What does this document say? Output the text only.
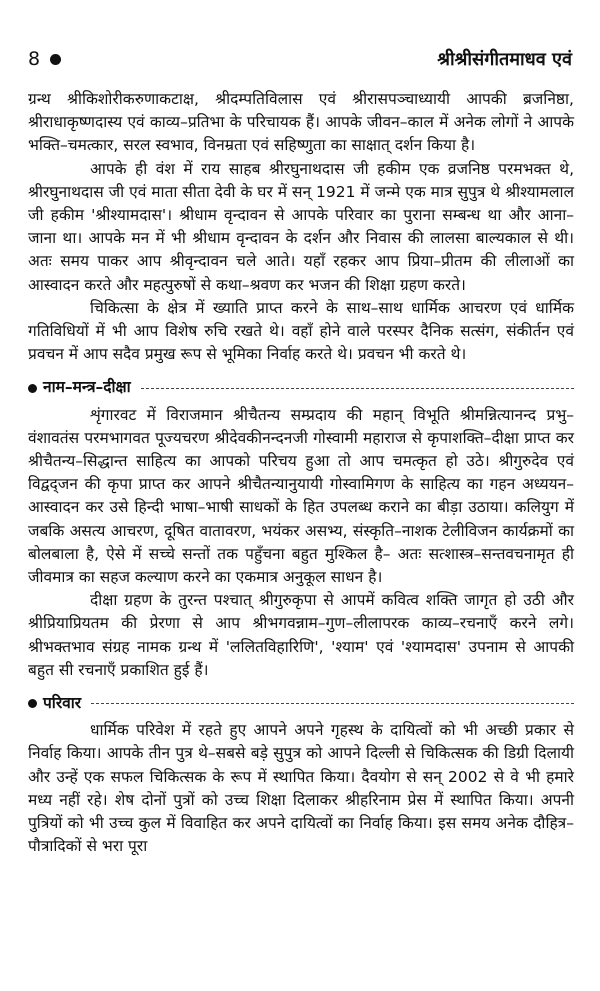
8	श्रीश्रीसंगीतमाधव एवं

ग्रन्थ श्रीकिशोरीकरुणाकटाक्ष, श्रीदम्पतिविलास एवं श्रीरासपञ्चाध्यायी आपकी ब्रजनिष्ठा, श्रीराधाकृष्णदास्य एवं काव्य–प्रतिभा के परिचायक हैं। आपके जीवन–काल में अनेक लोगों ने आपके भक्ति–चमत्कार, सरल स्वभाव, विनम्रता एवं सहिष्णुता का साक्षात् दर्शन किया है।

आपके ही वंश में राय साहब श्रीरघुनाथदास जी हकीम एक व्रजनिष्ठ परमभक्त थे, श्रीरघुनाथदास जी एवं माता सीता देवी के घर में सन् 1921 में जन्मे एक मात्र सुपुत्र थे श्रीश्यामलाल जी हकीम 'श्रीश्यामदास'। श्रीधाम वृन्दावन से आपके परिवार का पुराना सम्बन्ध था और आना–जाना था। आपके मन में भी श्रीधाम वृन्दावन के दर्शन और निवास की लालसा बाल्यकाल से थी। अतः समय पाकर आप श्रीवृन्दावन चले आते। यहाँ रहकर आप प्रिया–प्रीतम की लीलाओं का आस्वादन करते और महत्पुरुषों से कथा–श्रवण कर भजन की शिक्षा ग्रहण करते।

चिकित्सा के क्षेत्र में ख्याति प्राप्त करने के साथ–साथ धार्मिक आचरण एवं धार्मिक गतिविधियों में भी आप विशेष रुचि रखते थे। वहाँ होने वाले परस्पर दैनिक सत्संग, संकीर्तन एवं प्रवचन में आप सदैव प्रमुख रूप से भूमिका निर्वाह करते थे। प्रवचन भी करते थे।

नाम–मन्त्र–दीक्षा

शृंगारवट में विराजमान श्रीचैतन्य सम्प्रदाय की महान् विभूति श्रीमन्नित्यानन्द प्रभु–वंशावतंस परमभागवत पूज्यचरण श्रीदेवकीनन्दनजी गोस्वामी महाराज से कृपाशक्ति–दीक्षा प्राप्त कर श्रीचैतन्य–सिद्धान्त साहित्य का आपको परिचय हुआ तो आप चमत्कृत हो उठे। श्रीगुरुदेव एवं विद्वद्जन की कृपा प्राप्त कर आपने श्रीचैतन्यानुयायी गोस्वामिगण के साहित्य का गहन अध्ययन–आस्वादन कर उसे हिन्दी भाषा–भाषी साधकों के हित उपलब्ध कराने का बीड़ा उठाया। कलियुग में जबकि असत्य आचरण, दूषित वातावरण, भयंकर असभ्य, संस्कृति–नाशक टेलीविजन कार्यक्रमों का बोलबाला है, ऐसे में सच्चे सन्तों तक पहुँचना बहुत मुश्किल है– अतः सत्शास्त्र–सन्तवचनामृत ही जीवमात्र का सहज कल्याण करने का एकमात्र अनुकूल साधन है।

दीक्षा ग्रहण के तुरन्त पश्चात् श्रीगुरुकृपा से आपमें कवित्व शक्ति जागृत हो उठी और श्रीप्रियाप्रियतम की प्रेरणा से आप श्रीभगवन्नाम–गुण–लीलापरक काव्य–रचनाएँ करने लगे। श्रीभक्तभाव संग्रह नामक ग्रन्थ में 'ललितविहारिणि', 'श्याम' एवं 'श्यामदास' उपनाम से आपकी बहुत सी रचनाएँ प्रकाशित हुई हैं।

परिवार

धार्मिक परिवेश में रहते हुए आपने अपने गृहस्थ के दायित्वों को भी अच्छी प्रकार से निर्वाह किया। आपके तीन पुत्र थे–सबसे बड़े सुपुत्र को आपने दिल्ली से चिकित्सक की डिग्री दिलायी और उन्हें एक सफल चिकित्सक के रूप में स्थापित किया। दैवयोग से सन् 2002 से वे भी हमारे मध्य नहीं रहे। शेष दोनों पुत्रों को उच्च शिक्षा दिलाकर श्रीहरिनाम प्रेस में स्थापित किया। अपनी पुत्रियों को भी उच्च कुल में विवाहित कर अपने दायित्वों का निर्वाह किया। इस समय अनेक दौहित्र–पौत्रादिकों से भरा पूरा
